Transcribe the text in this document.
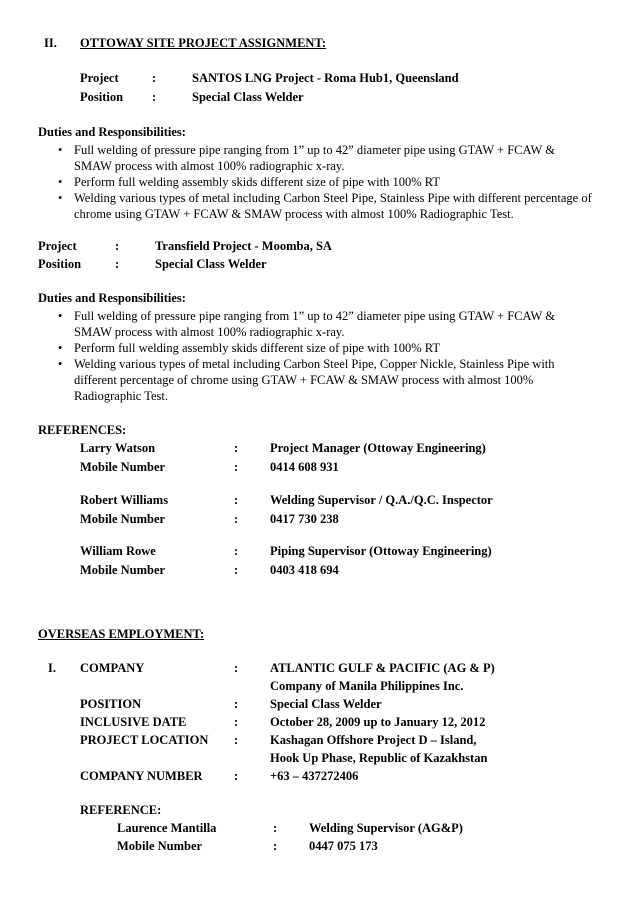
II. OTTOWAY SITE PROJECT ASSIGNMENT:
Project	:	SANTOS LNG Project - Roma Hub1, Queensland
Position :	Special Class Welder
Duties and Responsibilities:
• Full welding of pressure pipe ranging from 1” up to 42” diameter pipe using GTAW + FCAW & SMAW process with almost 100% radiographic x-ray.
• Perform full welding assembly skids different size of pipe with 100% RT
• Welding various types of metal including Carbon Steel Pipe, Stainless Pipe with different percentage of chrome using GTAW + FCAW & SMAW process with almost 100% Radiographic Test.
Project	:	Transfield Project - Moomba, SA
Position	:	Special Class Welder
Duties and Responsibilities:
• Full welding of pressure pipe ranging from 1” up to 42” diameter pipe using GTAW + FCAW & SMAW process with almost 100% radiographic x-ray.
• Perform full welding assembly skids different size of pipe with 100% RT
• Welding various types of metal including Carbon Steel Pipe, Copper Nickle, Stainless Pipe with different percentage of chrome using GTAW + FCAW & SMAW process with almost 100% Radiographic Test.
REFERENCES:
Larry Watson	:	Project Manager (Ottoway Engineering)
Mobile Number	:	0414 608 931
Robert Williams	:	Welding Supervisor / Q.A./Q.C. Inspector
Mobile Number	:	0417 730 238
William Rowe	:	Piping Supervisor (Ottoway Engineering)
Mobile Number	:	0403 418 694
OVERSEAS EMPLOYMENT:
I. COMPANY	:	ATLANTIC GULF & PACIFIC (AG & P)
Company of Manila Philippines Inc.
POSITION	:	Special Class Welder
INCLUSIVE DATE	:	October 28, 2009 up to January 12, 2012
PROJECT LOCATION :	Kashagan Offshore Project D – Island,
Hook Up Phase, Republic of Kazakhstan
COMPANY NUMBER	:	+63 – 437272406
REFERENCE:
Laurence Mantilla	:	Welding Supervisor (AG&P)
Mobile Number	:	0447 075 173
